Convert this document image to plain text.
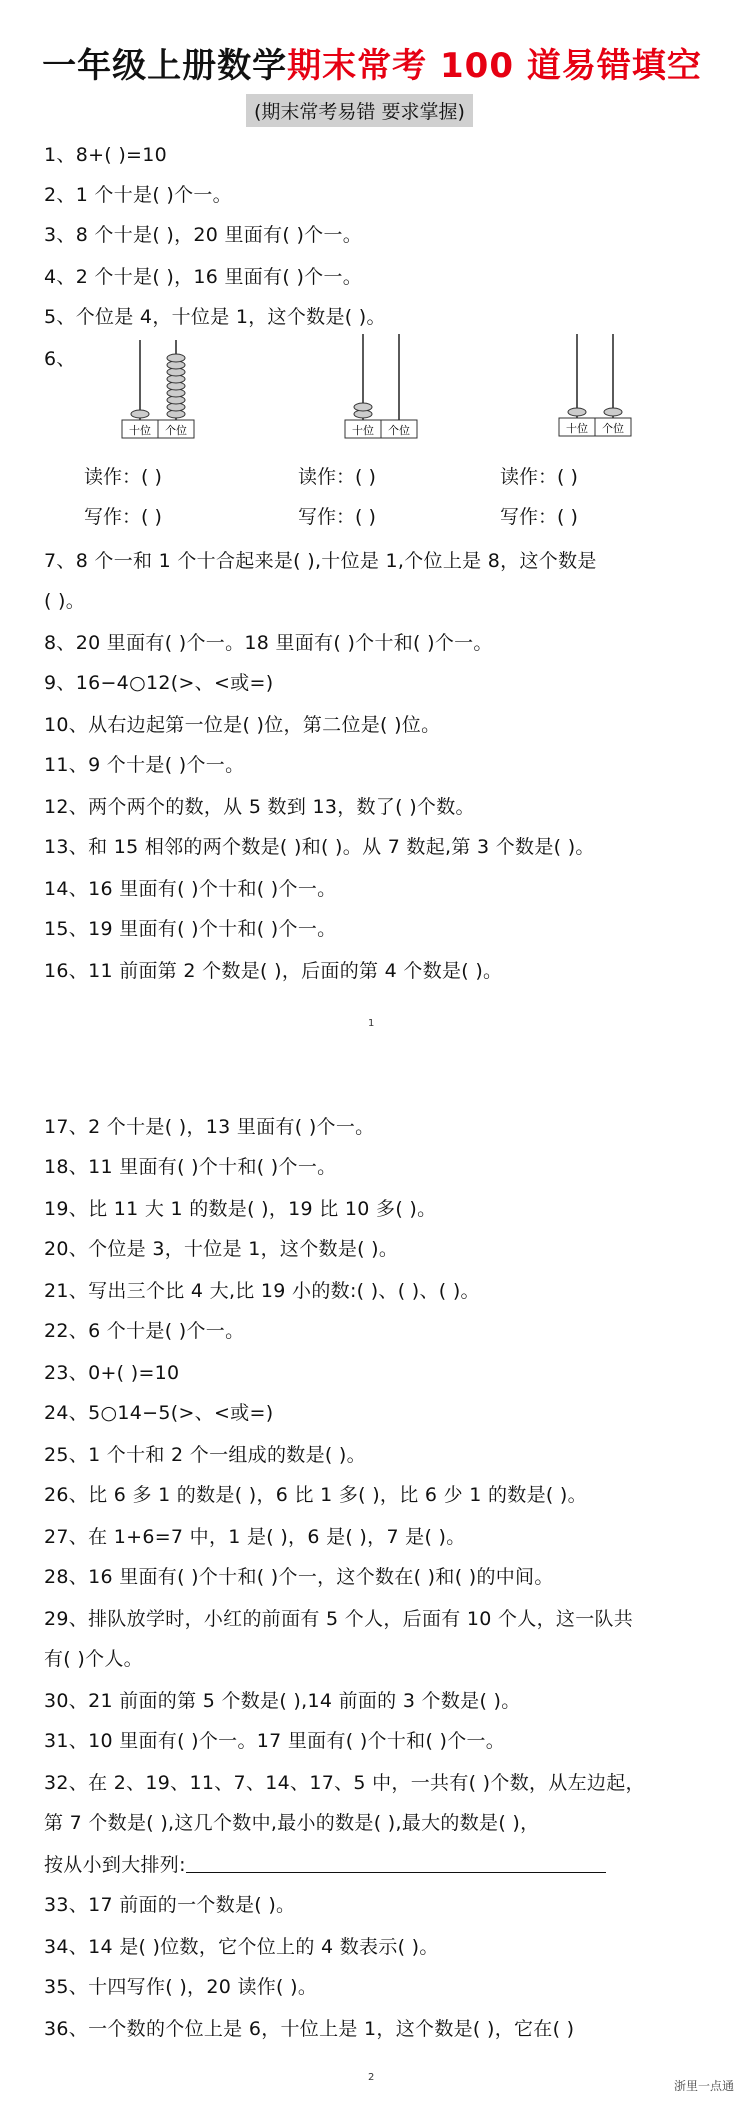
一年级上册数学期末常考 100 道易错填空
(期末常考易错 要求掌握)
1、8+( )=10
2、1 个十是( )个一。
3、8 个十是( )，20 里面有( )个一。
4、2 个十是( )，16 里面有( )个一。
5、个位是 4，十位是 1，这个数是( )。
6、
十位 个位	十位 个位	十位 个位
读作：( )	读作：( )	读作：( )
写作：( )	写作：( )	写作：( )
7、8 个一和 1 个十合起来是( ),十位是 1,个位上是 8，这个数是
( )。
8、20 里面有( )个一。18 里面有( )个十和( )个一。
9、16−4○12(>、<或=)
10、从右边起第一位是( )位，第二位是( )位。
11、9 个十是( )个一。
12、两个两个的数，从 5 数到 13，数了( )个数。
13、和 15 相邻的两个数是( )和( )。从 7 数起,第 3 个数是( )。
14、16 里面有( )个十和( )个一。
15、19 里面有( )个十和( )个一。
16、11 前面第 2 个数是( )，后面的第 4 个数是( )。
1
17、2 个十是( )，13 里面有( )个一。
18、11 里面有( )个十和( )个一。
19、比 11 大 1 的数是( )，19 比 10 多( )。
20、个位是 3，十位是 1，这个数是( )。
21、写出三个比 4 大,比 19 小的数:( )、( )、( )。
22、6 个十是( )个一。
23、0+( )=10
24、5○14−5(>、<或=)
25、1 个十和 2 个一组成的数是( )。
26、比 6 多 1 的数是( )，6 比 1 多( )，比 6 少 1 的数是( )。
27、在 1+6=7 中，1 是( )，6 是( )，7 是( )。
28、16 里面有( )个十和( )个一，这个数在( )和( )的中间。
29、排队放学时，小红的前面有 5 个人，后面有 10 个人，这一队共
有( )个人。
30、21 前面的第 5 个数是( ),14 前面的 3 个数是( )。
31、10 里面有( )个一。17 里面有( )个十和( )个一。
32、在 2、19、11、7、14、17、5 中，一共有( )个数，从左边起，
第 7 个数是( ),这几个数中,最小的数是( ),最大的数是( )，
按从小到大排列:
33、17 前面的一个数是( )。
34、14 是( )位数，它个位上的 4 数表示( )。
35、十四写作( )，20 读作( )。
36、一个数的个位上是 6，十位上是 1，这个数是( )，它在( )
2
浙里一点通
